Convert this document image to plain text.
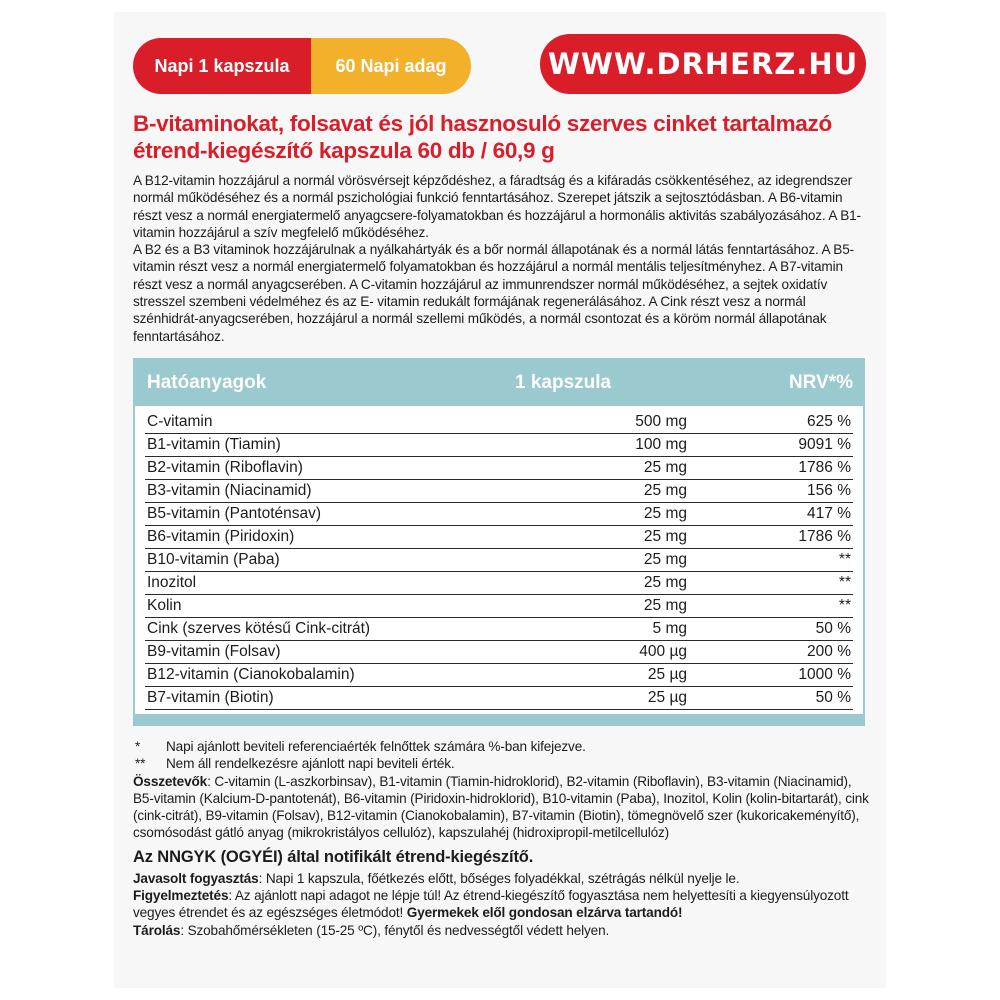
Napi 1 kapszula	60 Napi adag	WWW.DRHERZ.HU
B-vitaminokat, folsavat és jól hasznosuló szerves cinket tartalmazó étrend-kiegészítő kapszula 60 db / 60,9 g
A B12-vitamin hozzájárul a normál vörösvérsejt képződéshez, a fáradtság és a kifáradás csökkentéséhez, az idegrendszer normál működéséhez és a normál pszichológiai funkció fenntartásához. Szerepet játszik a sejtosztódásban. A B6-vitamin részt vesz a normál energiatermelő anyagcsere-folyamatokban és hozzájárul a hormonális aktivitás szabályozásához. A B1-vitamin hozzájárul a szív megfelelő működéséhez.
A B2 és a B3 vitaminok hozzájárulnak a nyálkahártyák és a bőr normál állapotának és a normál látás fenntartásához. A B5-vitamin részt vesz a normál energiatermelő folyamatokban és hozzájárul a normál mentális teljesítményhez. A B7-vitamin részt vesz a normál anyagcserében. A C-vitamin hozzájárul az immunrendszer normál működéséhez, a sejtek oxidatív stresszel szembeni védelméhez és az E- vitamin redukált formájának regenerálásához. A Cink részt vesz a normál szénhidrát-anyagcserében, hozzájárul a normál szellemi működés, a normál csontozat és a köröm normál állapotának fenntartásához.
Hatóanyagok	1 kapszula	NRV*%
C-vitamin	500 mg	625 %
B1-vitamin (Tiamin)	100 mg	9091 %
B2-vitamin (Riboflavin)	25 mg	1786 %
B3-vitamin (Niacinamid)	25 mg	156 %
B5-vitamin (Pantoténsav)	25 mg	417 %
B6-vitamin (Piridoxin)	25 mg	1786 %
B10-vitamin (Paba)	25 mg	**
Inozitol	25 mg	**
Kolin	25 mg	**
Cink (szerves kötésű Cink-citrát)	5 mg	50 %
B9-vitamin (Folsav)	400 µg	200 %
B12-vitamin (Cianokobalamin)	25 µg	1000 %
B7-vitamin (Biotin)	25 µg	50 %
* Napi ajánlott beviteli referenciaérték felnőttek számára %-ban kifejezve.
** Nem áll rendelkezésre ajánlott napi beviteli érték.
Összetevők: C-vitamin (L-aszkorbinsav), B1-vitamin (Tiamin-hidroklorid), B2-vitamin (Riboflavin), B3-vitamin (Niacinamid), B5-vitamin (Kalcium-D-pantotenát), B6-vitamin (Piridoxin-hidroklorid), B10-vitamin (Paba), Inozitol, Kolin (kolin-bitartarát), cink (cink-citrát), B9-vitamin (Folsav), B12-vitamin (Cianokobalamin), B7-vitamin (Biotin), tömegnövelő szer (kukoricakeményítő), csomósodást gátló anyag (mikrokristályos cellulóz), kapszulahéj (hidroxipropil-metilcellulóz)
Az NNGYK (OGYÉI) által notifikált étrend-kiegészítő.
Javasolt fogyasztás: Napi 1 kapszula, főétkezés előtt, bőséges folyadékkal, szétrágás nélkül nyelje le.
Figyelmeztetés: Az ajánlott napi adagot ne lépje túl! Az étrend-kiegészítő fogyasztása nem helyettesíti a kiegyensúlyozott vegyes étrendet és az egészséges életmódot! Gyermekek elől gondosan elzárva tartandó!
Tárolás: Szobahőmérsékleten (15-25 ºC), fénytől és nedvességtől védett helyen.
